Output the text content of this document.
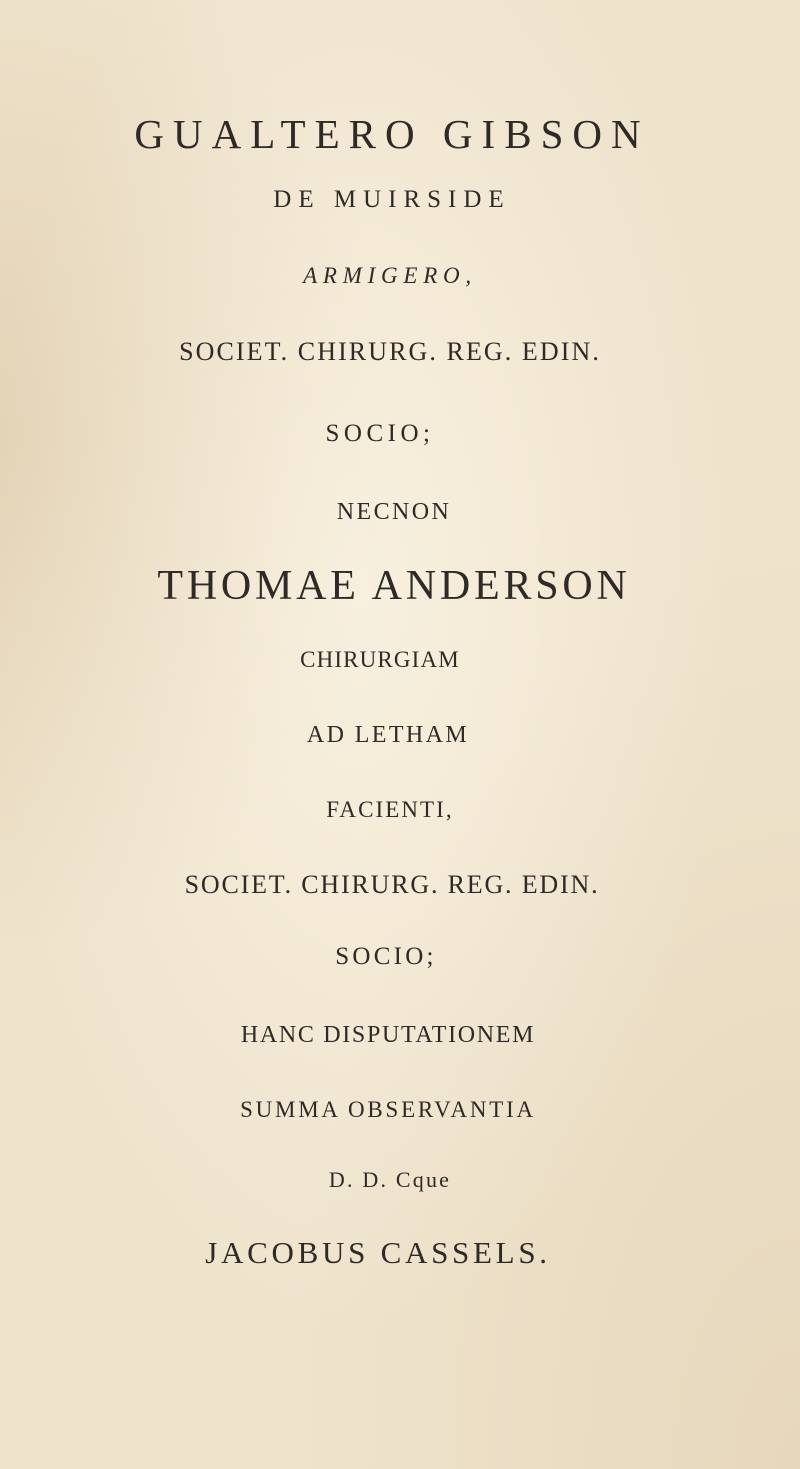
GUALTERO GIBSON
DE MUIRSIDE
ARMIGERO,
SOCIET. CHIRURG. REG. EDIN.
SOCIO;
NECNON
THOMAE ANDERSON
CHIRURGIAM
AD LETHAM
FACIENTI,
SOCIET. CHIRURG. REG. EDIN.
SOCIO;
HANC DISPUTATIONEM
SUMMA OBSERVANTIA
D. D. Cque
JACOBUS CASSELS.
